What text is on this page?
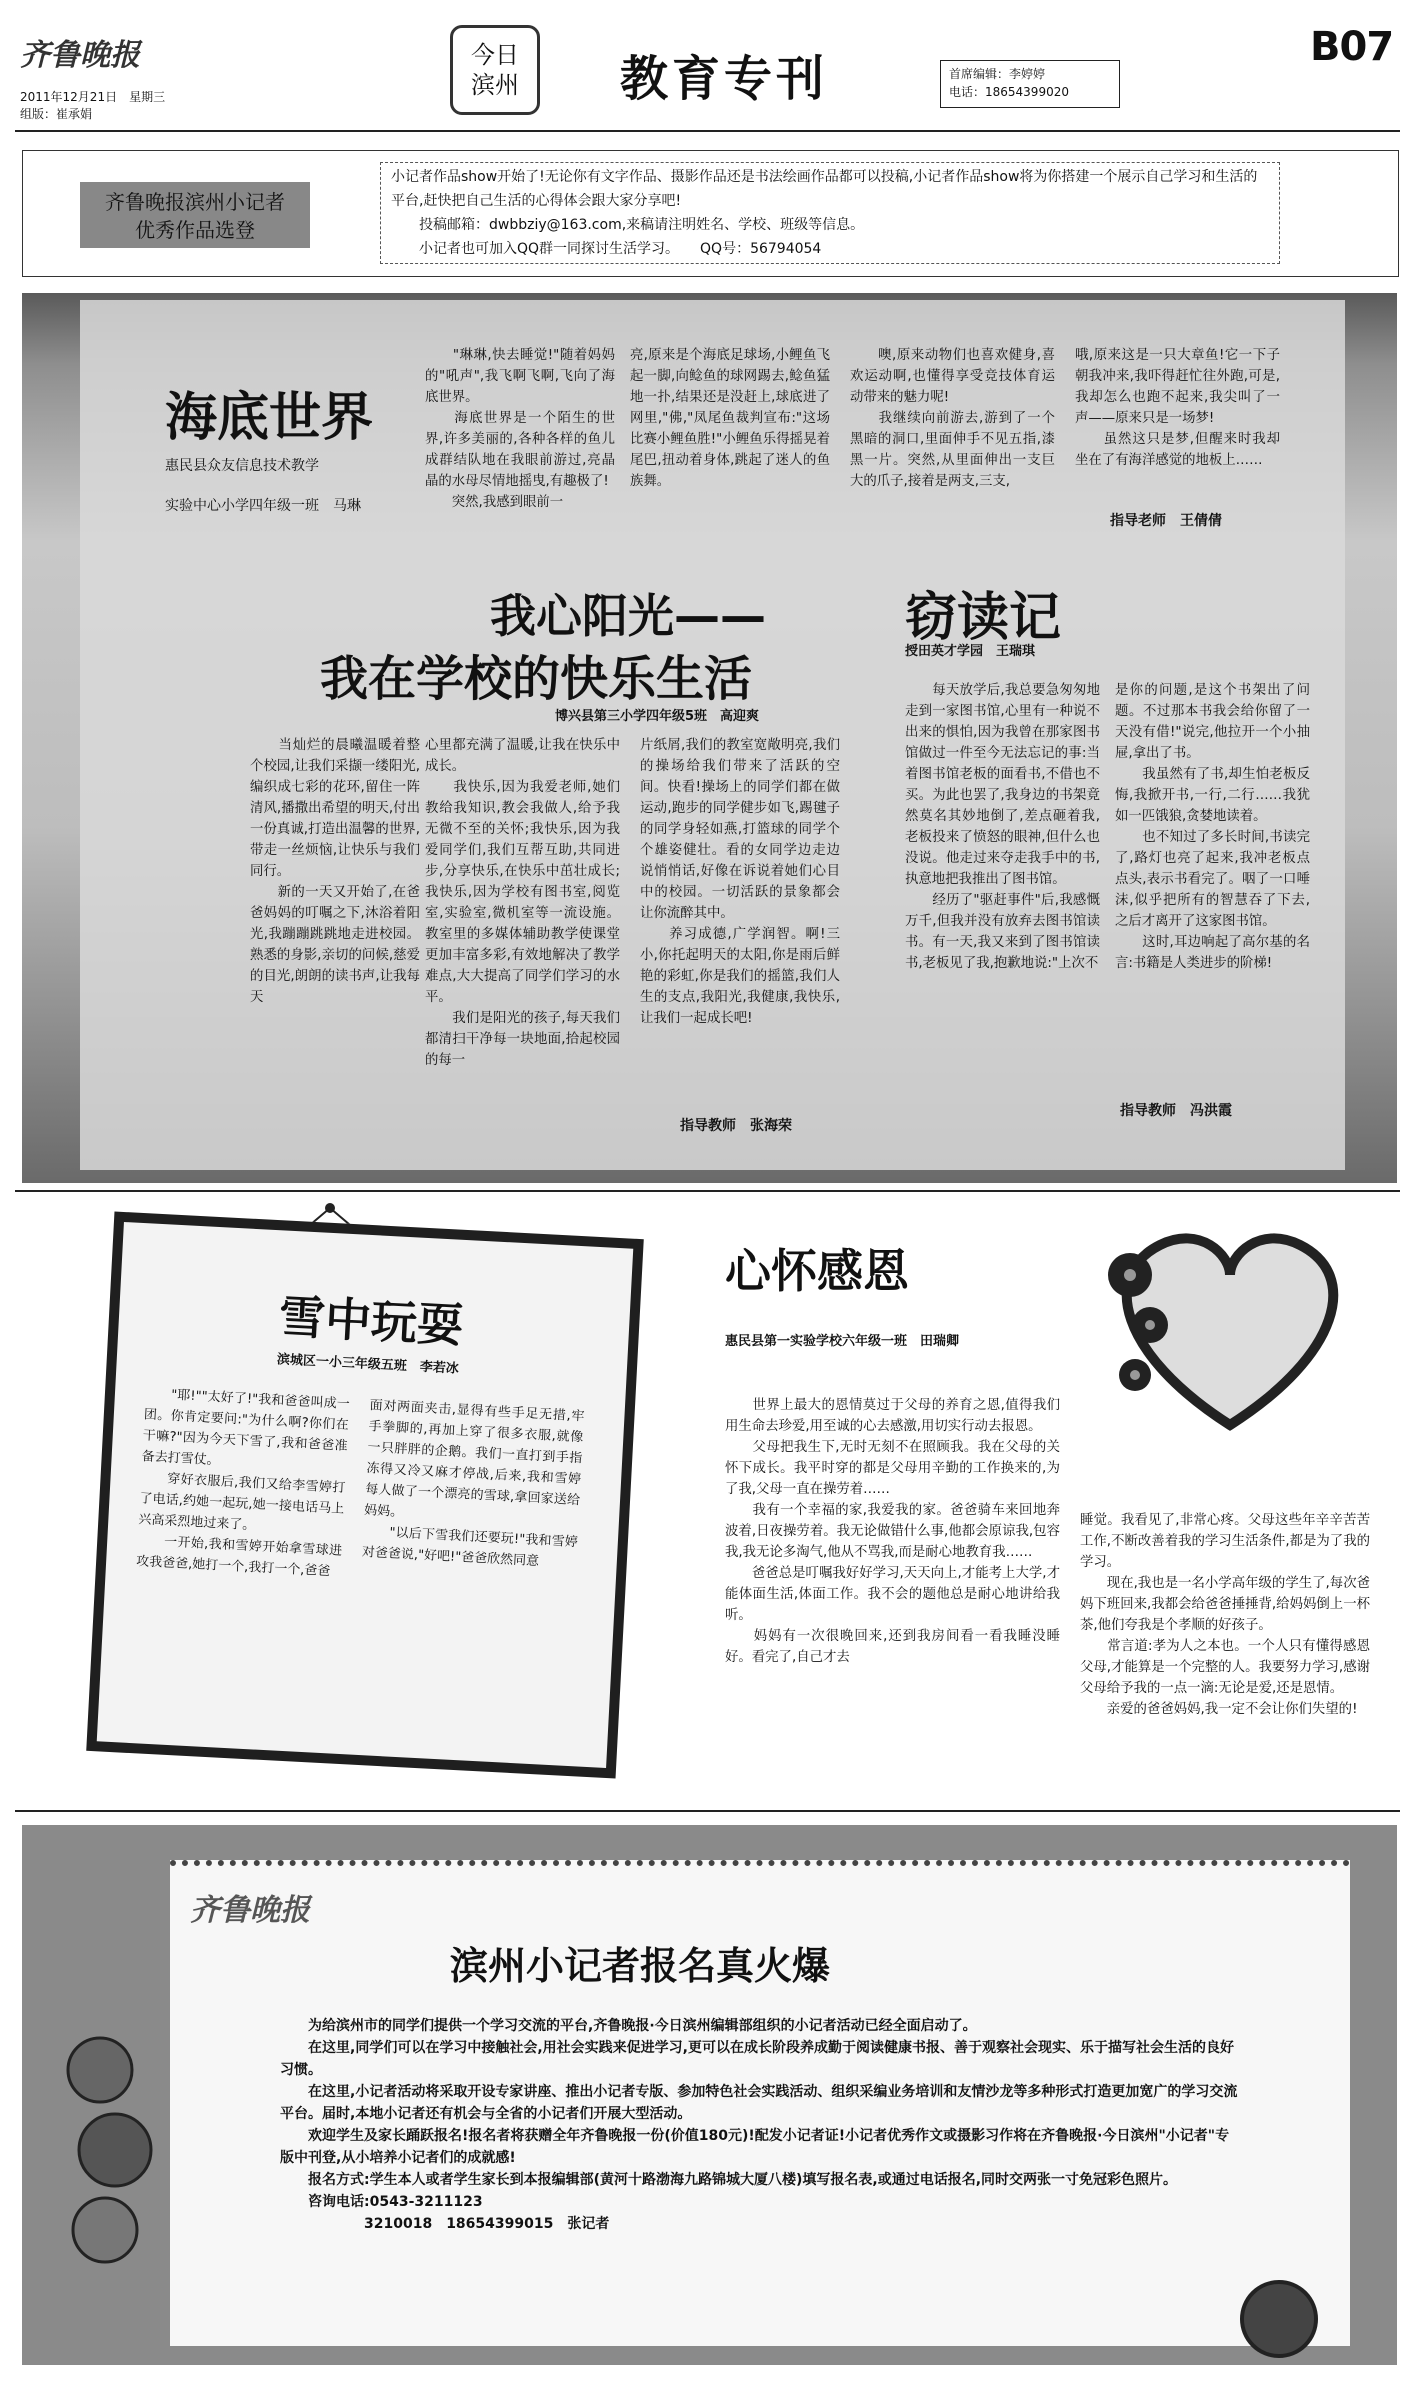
齐鲁晚报
2011年12月21日　星期三
组版：崔承娟
今日
滨州 教育专刊	首席编辑：李婷婷
电话：18654399020
B07
齐鲁晚报滨州小记者
优秀作品选登
小记者作品show开始了!无论你有文字作品、摄影作品还是书法绘画作品都可以投稿,小记者作品show将为你搭建一个展示自己学习和生活的平台,赶快把自己生活的心得体会跟大家分享吧!
　　投稿邮箱：dwbbziy@163.com,来稿请注明姓名、学校、班级等信息。
　　小记者也可加入QQ群一同探讨生活学习。　　QQ号：56794054
海底世界
惠民县众友信息技术教学
实验中心小学四年级一班　马琳
　　"琳琳,快去睡觉!"随着妈妈的"吼声",我飞啊飞啊,飞向了海底世界。
　　海底世界是一个陌生的世界,许多美丽的,各种各样的鱼儿成群结队地在我眼前游过,亮晶晶的水母尽情地摇曳,有趣极了!
　　突然,我感到眼前一
亮,原来是个海底足球场,小鲤鱼飞起一脚,向鲶鱼的球网踢去,鲶鱼猛地一扑,结果还是没赶上,球底进了网里,"佛,"凤尾鱼裁判宣布:"这场比赛小鲤鱼胜!"小鲤鱼乐得摇晃着尾巴,扭动着身体,跳起了迷人的鱼族舞。
　　噢,原来动物们也喜欢健身,喜欢运动啊,也懂得享受竞技体育运动带来的魅力呢!
　　我继续向前游去,游到了一个黑暗的洞口,里面伸手不见五指,漆黑一片。突然,从里面伸出一支巨大的爪子,接着是两支,三支,
哦,原来这是一只大章鱼!它一下子朝我冲来,我吓得赶忙往外跑,可是,我却怎么也跑不起来,我尖叫了一声——原来只是一场梦!
　　虽然这只是梦,但醒来时我却坐在了有海洋感觉的地板上……
指导老师　王倩倩
我心阳光——
我在学校的快乐生活
博兴县第三小学四年级5班　高迎爽
　　当灿烂的晨曦温暖着整个校园,让我们采撷一缕阳光,编织成七彩的花环,留住一阵清风,播撒出希望的明天,付出一份真诚,打造出温馨的世界,带走一丝烦恼,让快乐与我们同行。
　　新的一天又开始了,在爸爸妈妈的叮嘱之下,沐浴着阳光,我蹦蹦跳跳地走进校园。熟悉的身影,亲切的问候,慈爱的目光,朗朗的读书声,让我每天
心里都充满了温暖,让我在快乐中成长。
　　我快乐,因为我爱老师,她们教给我知识,教会我做人,给予我无微不至的关怀;我快乐,因为我爱同学们,我们互帮互助,共同进步,分享快乐,在快乐中茁壮成长;我快乐,因为学校有图书室,阅览室,实验室,微机室等一流设施。教室里的多媒体辅助教学使课堂更加丰富多彩,有效地解决了教学难点,大大提高了同学们学习的水平。
　　我们是阳光的孩子,每天我们都清扫干净每一块地面,拾起校园的每一
片纸屑,我们的教室宽敞明亮,我们的操场给我们带来了活跃的空间。快看!操场上的同学们都在做运动,跑步的同学健步如飞,踢毽子的同学身轻如燕,打篮球的同学个个雄姿健壮。看的女同学边走边说悄悄话,好像在诉说着她们心目中的校园。一切活跃的景象都会让你流醉其中。
　　养习成德,广学润智。啊!三小,你托起明天的太阳,你是雨后鲜艳的彩虹,你是我们的摇篮,我们人生的支点,我阳光,我健康,我快乐,让我们一起成长吧!
指导教师　张海荣
窃读记
授田英才学园　王瑞琪
　　每天放学后,我总要急匆匆地走到一家图书馆,心里有一种说不出来的惧怕,因为我曾在那家图书馆做过一件至今无法忘记的事:当着图书馆老板的面看书,不借也不买。为此也罢了,我身边的书架竟然莫名其妙地倒了,差点砸着我,老板投来了愤怒的眼神,但什么也没说。他走过来夺走我手中的书,执意地把我推出了图书馆。
　　经历了"驱赶事件"后,我感慨万千,但我并没有放弃去图书馆读书。有一天,我又来到了图书馆读书,老板见了我,抱歉地说:"上次不
是你的问题,是这个书架出了问题。不过那本书我会给你留了一天没有借!"说完,他拉开一个小抽屉,拿出了书。
　　我虽然有了书,却生怕老板反悔,我掀开书,一行,二行……我犹如一匹饿狼,贪婪地读着。
　　也不知过了多长时间,书读完了,路灯也亮了起来,我冲老板点点头,表示书看完了。咽了一口唾沫,似乎把所有的智慧吞了下去,之后才离开了这家图书馆。
　　这时,耳边响起了高尔基的名言:书籍是人类进步的阶梯!
指导教师　冯洪霞
雪中玩耍
滨城区一小三年级五班　李若冰
　　"耶!""太好了!"我和爸爸叫成一团。你肯定要问:"为什么啊?你们在干嘛?"因为今天下雪了,我和爸爸准备去打雪仗。
　　穿好衣服后,我们又给李雪婷打了电话,约她一起玩,她一接电话马上兴高采烈地过来了。
　　一开始,我和雪婷开始拿雪球进攻我爸爸,她打一个,我打一个,爸爸
面对两面夹击,显得有些手足无措,牢手拳脚的,再加上穿了很多衣服,就像一只胖胖的企鹅。我们一直打到手指冻得又冷又麻才停战,后来,我和雪婷每人做了一个漂亮的雪球,拿回家送给妈妈。
　　"以后下雪我们还要玩!"我和雪婷对爸爸说,"好吧!"爸爸欣然同意
心怀感恩
惠民县第一实验学校六年级一班　田瑞卿
　　世界上最大的恩情莫过于父母的养育之恩,值得我们用生命去珍爱,用至诚的心去感激,用切实行动去报恩。
　　父母把我生下,无时无刻不在照顾我。我在父母的关怀下成长。我平时穿的都是父母用辛勤的工作换来的,为了我,父母一直在操劳着……
　　我有一个幸福的家,我爱我的家。爸爸骑车来回地奔波着,日夜操劳着。我无论做错什么事,他都会原谅我,包容我,我无论多淘气,他从不骂我,而是耐心地教育我……
　　爸爸总是叮嘱我好好学习,天天向上,才能考上大学,才能体面生活,体面工作。我不会的题他总是耐心地讲给我听。
　　妈妈有一次很晚回来,还到我房间看一看我睡没睡好。看完了,自己才去
睡觉。我看见了,非常心疼。父母这些年辛辛苦苦工作,不断改善着我的学习生活条件,都是为了我的学习。
　　现在,我也是一名小学高年级的学生了,每次爸妈下班回来,我都会给爸爸捶捶背,给妈妈倒上一杯茶,他们夸我是个孝顺的好孩子。
　　常言道:孝为人之本也。一个人只有懂得感恩父母,才能算是一个完整的人。我要努力学习,感谢父母给予我的一点一滴:无论是爱,还是恩情。
　　亲爱的爸爸妈妈,我一定不会让你们失望的!
齐鲁晚报
滨州小记者报名真火爆
　　为给滨州市的同学们提供一个学习交流的平台,齐鲁晚报·今日滨州编辑部组织的小记者活动已经全面启动了。
　　在这里,同学们可以在学习中接触社会,用社会实践来促进学习,更可以在成长阶段养成勤于阅读健康书报、善于观察社会现实、乐于描写社会生活的良好习惯。
　　在这里,小记者活动将采取开设专家讲座、推出小记者专版、参加特色社会实践活动、组织采编业务培训和友情沙龙等多种形式打造更加宽广的学习交流平台。届时,本地小记者还有机会与全省的小记者们开展大型活动。
　　欢迎学生及家长踊跃报名!报名者将获赠全年齐鲁晚报一份(价值180元)!配发小记者证!小记者优秀作文或摄影习作将在齐鲁晚报·今日滨州"小记者"专版中刊登,从小培养小记者们的成就感!
　　报名方式:学生本人或者学生家长到本报编辑部(黄河十路渤海九路锦城大厦八楼)填写报名表,或通过电话报名,同时交两张一寸免冠彩色照片。
　　咨询电话:0543-3211123
　　　　　　3210018　18654399015　张记者
